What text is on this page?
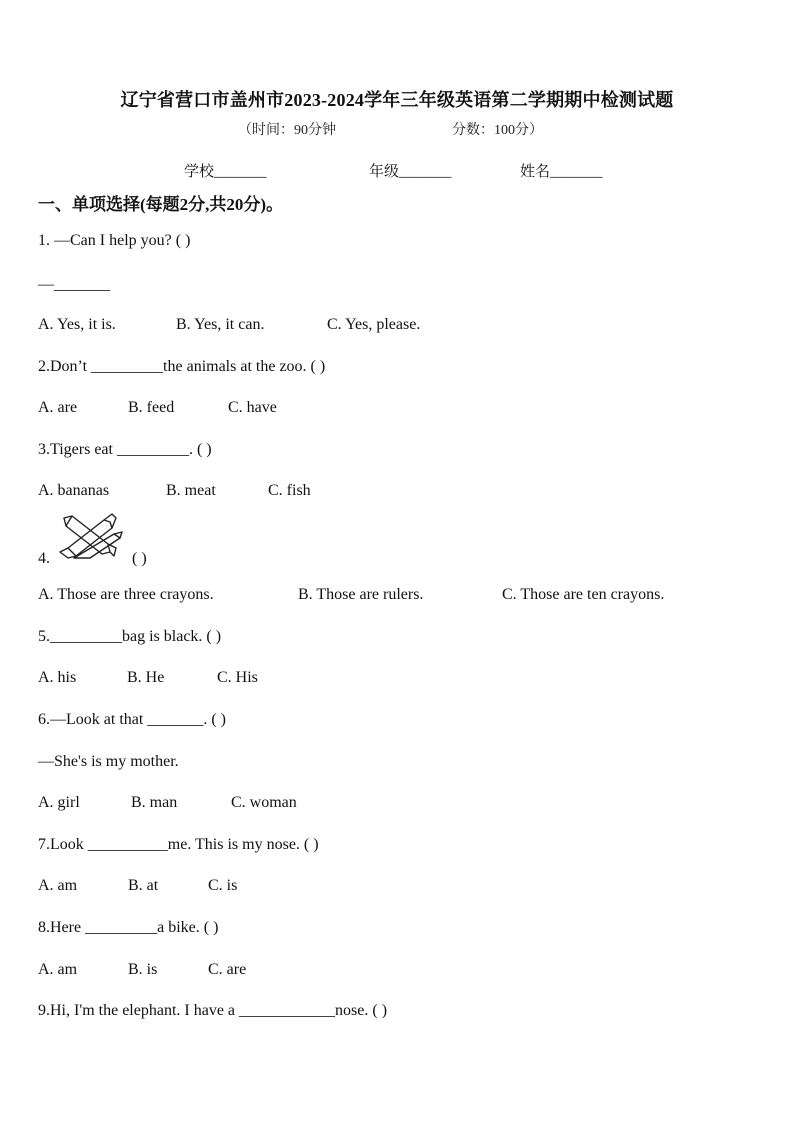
辽宁省营口市盖州市2023-2024学年三年级英语第二学期期中检测试题
（时间：90分钟	分数：100分）
学校_______	年级_______	姓名_______
一、单项选择(每题2分,共20分)。
1. —Can I help you? ( )
—_______
A. Yes, it is.	B. Yes, it can.	C. Yes, please.
2.Don’t _________the animals at the zoo. ( )
A. are	B. feed	C. have
3.Tigers eat _________. ( )
A. bananas	B. meat	C. fish
4.	( )
A. Those are three crayons.	B. Those are rulers.	C. Those are ten crayons.
5._________bag is black. ( )
A. his	B. He	C. His
6.—Look at that _______. ( )
—She's is my mother.
A. girl	B. man	C. woman
7.Look __________me. This is my nose. ( )
A. am	B. at	C. is
8.Here _________a bike. ( )
A. am	B. is	C. are
9.Hi, I'm the elephant. I have a ____________nose. ( )
